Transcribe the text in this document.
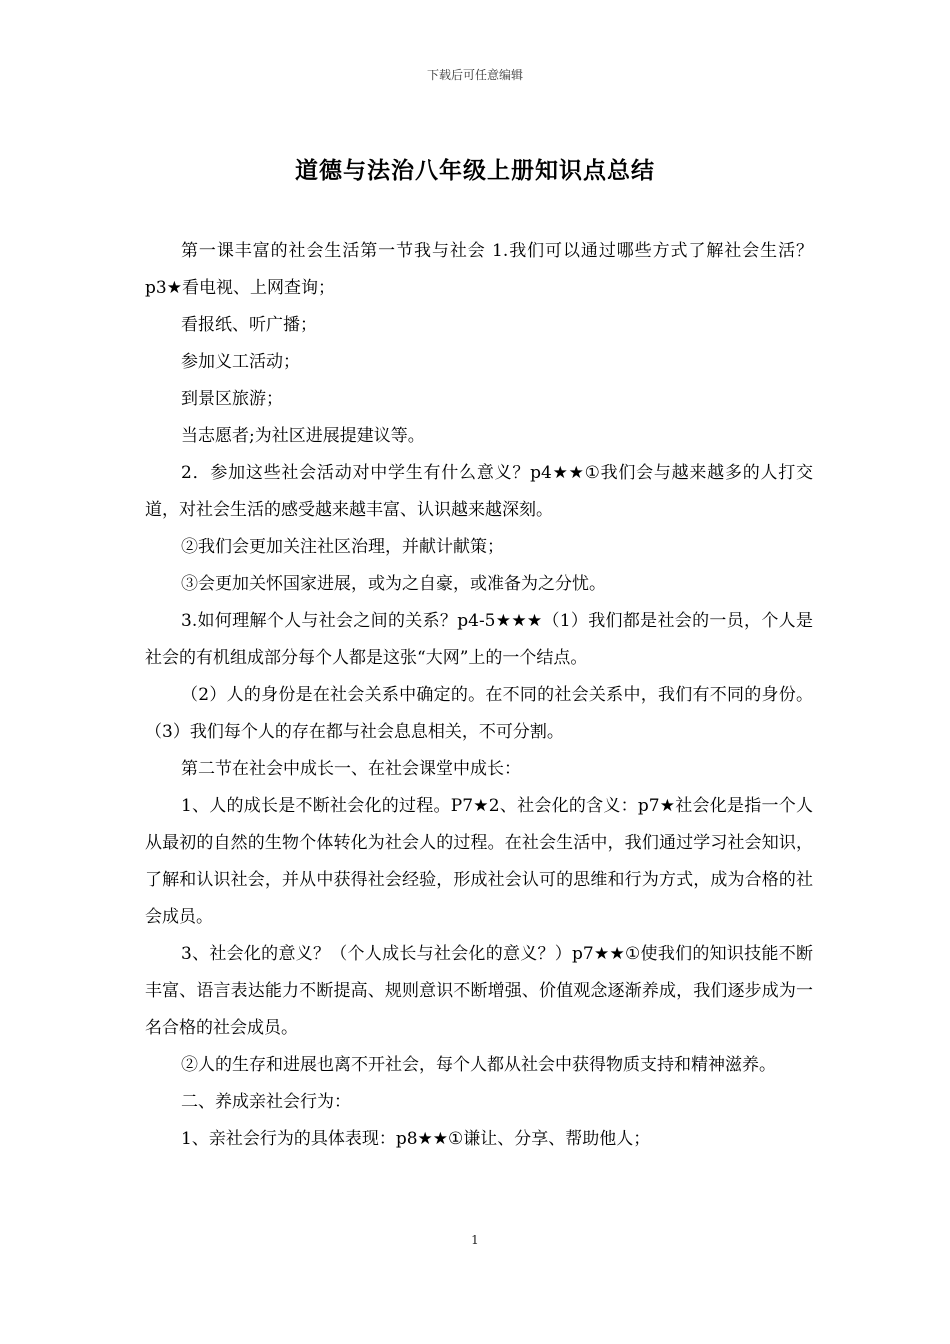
下载后可任意编辑
道德与法治八年级上册知识点总结

第一课丰富的社会生活第一节我与社会 1.我们可以通过哪些方式了解社会生活？p3★看电视、上网查询；

看报纸、听广播；

参加义工活动；

到景区旅游；

当志愿者;为社区进展提建议等。

2．参加这些社会活动对中学生有什么意义？p4★★①我们会与越来越多的人打交道，对社会生活的感受越来越丰富、认识越来越深刻。

②我们会更加关注社区治理，并献计献策；

③会更加关怀国家进展，或为之自豪，或准备为之分忧。

3.如何理解个人与社会之间的关系？p4-5★★★（1）我们都是社会的一员，个人是社会的有机组成部分每个人都是这张“大网”上的一个结点。

（2）人的身份是在社会关系中确定的。在不同的社会关系中，我们有不同的身份。（3）我们每个人的存在都与社会息息相关，不可分割。

第二节在社会中成长一、在社会课堂中成长：

1、人的成长是不断社会化的过程。P7★2、社会化的含义：p7★社会化是指一个人从最初的自然的生物个体转化为社会人的过程。在社会生活中，我们通过学习社会知识，了解和认识社会，并从中获得社会经验，形成社会认可的思维和行为方式，成为合格的社会成员。

3、社会化的意义？（个人成长与社会化的意义？）p7★★①使我们的知识技能不断丰富、语言表达能力不断提高、规则意识不断增强、价值观念逐渐养成，我们逐步成为一名合格的社会成员。

②人的生存和进展也离不开社会，每个人都从社会中获得物质支持和精神滋养。

二、养成亲社会行为：

1、亲社会行为的具体表现：p8★★①谦让、分享、帮助他人；

1
